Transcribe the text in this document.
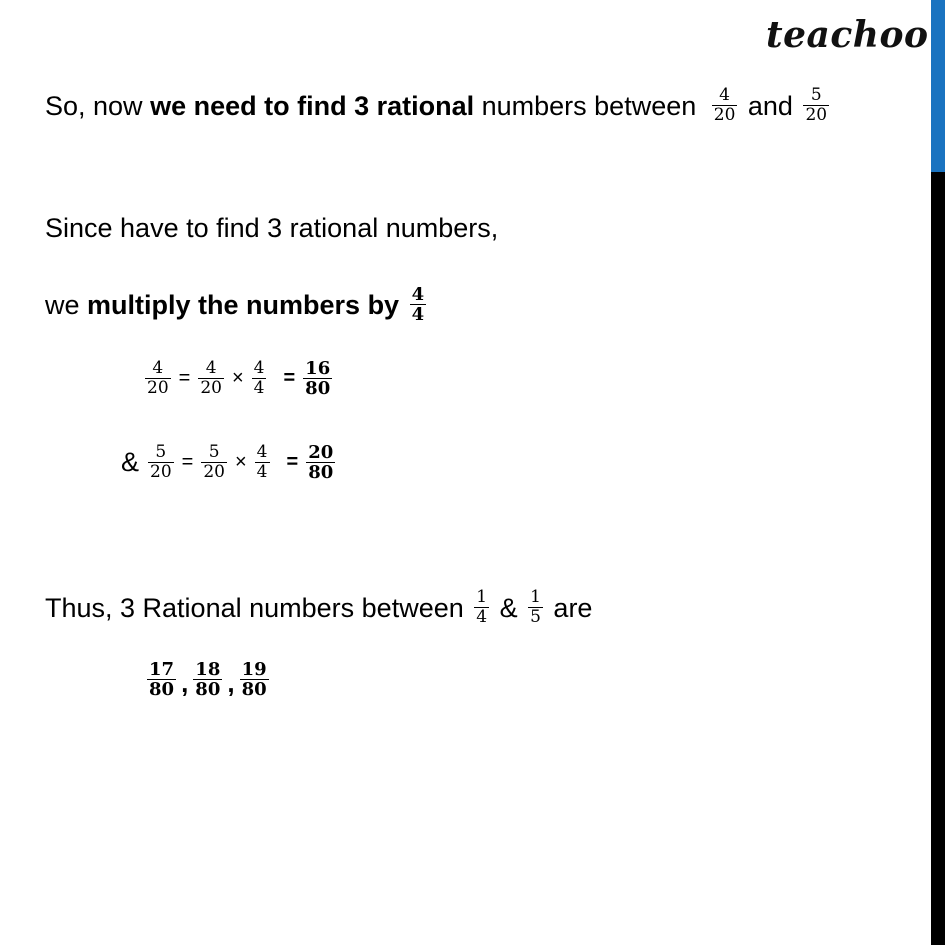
teachoo
So, now we need to find 3 rational numbers between $\frac{4}{20}$ and $\frac{5}{20}$
Since have to find 3 rational numbers,
we multiply the numbers by $\frac{4}{4}$
$\frac{4}{20} = \frac{4}{20} \times \frac{4}{4} = \frac{16}{80}$
& $\frac{5}{20} = \frac{5}{20} \times \frac{4}{4} = \frac{20}{80}$
Thus, 3 Rational numbers between $\frac{1}{4}$ & $\frac{1}{5}$ are
$\frac{17}{80}$ , $\frac{18}{80}$ , $\frac{19}{80}$
